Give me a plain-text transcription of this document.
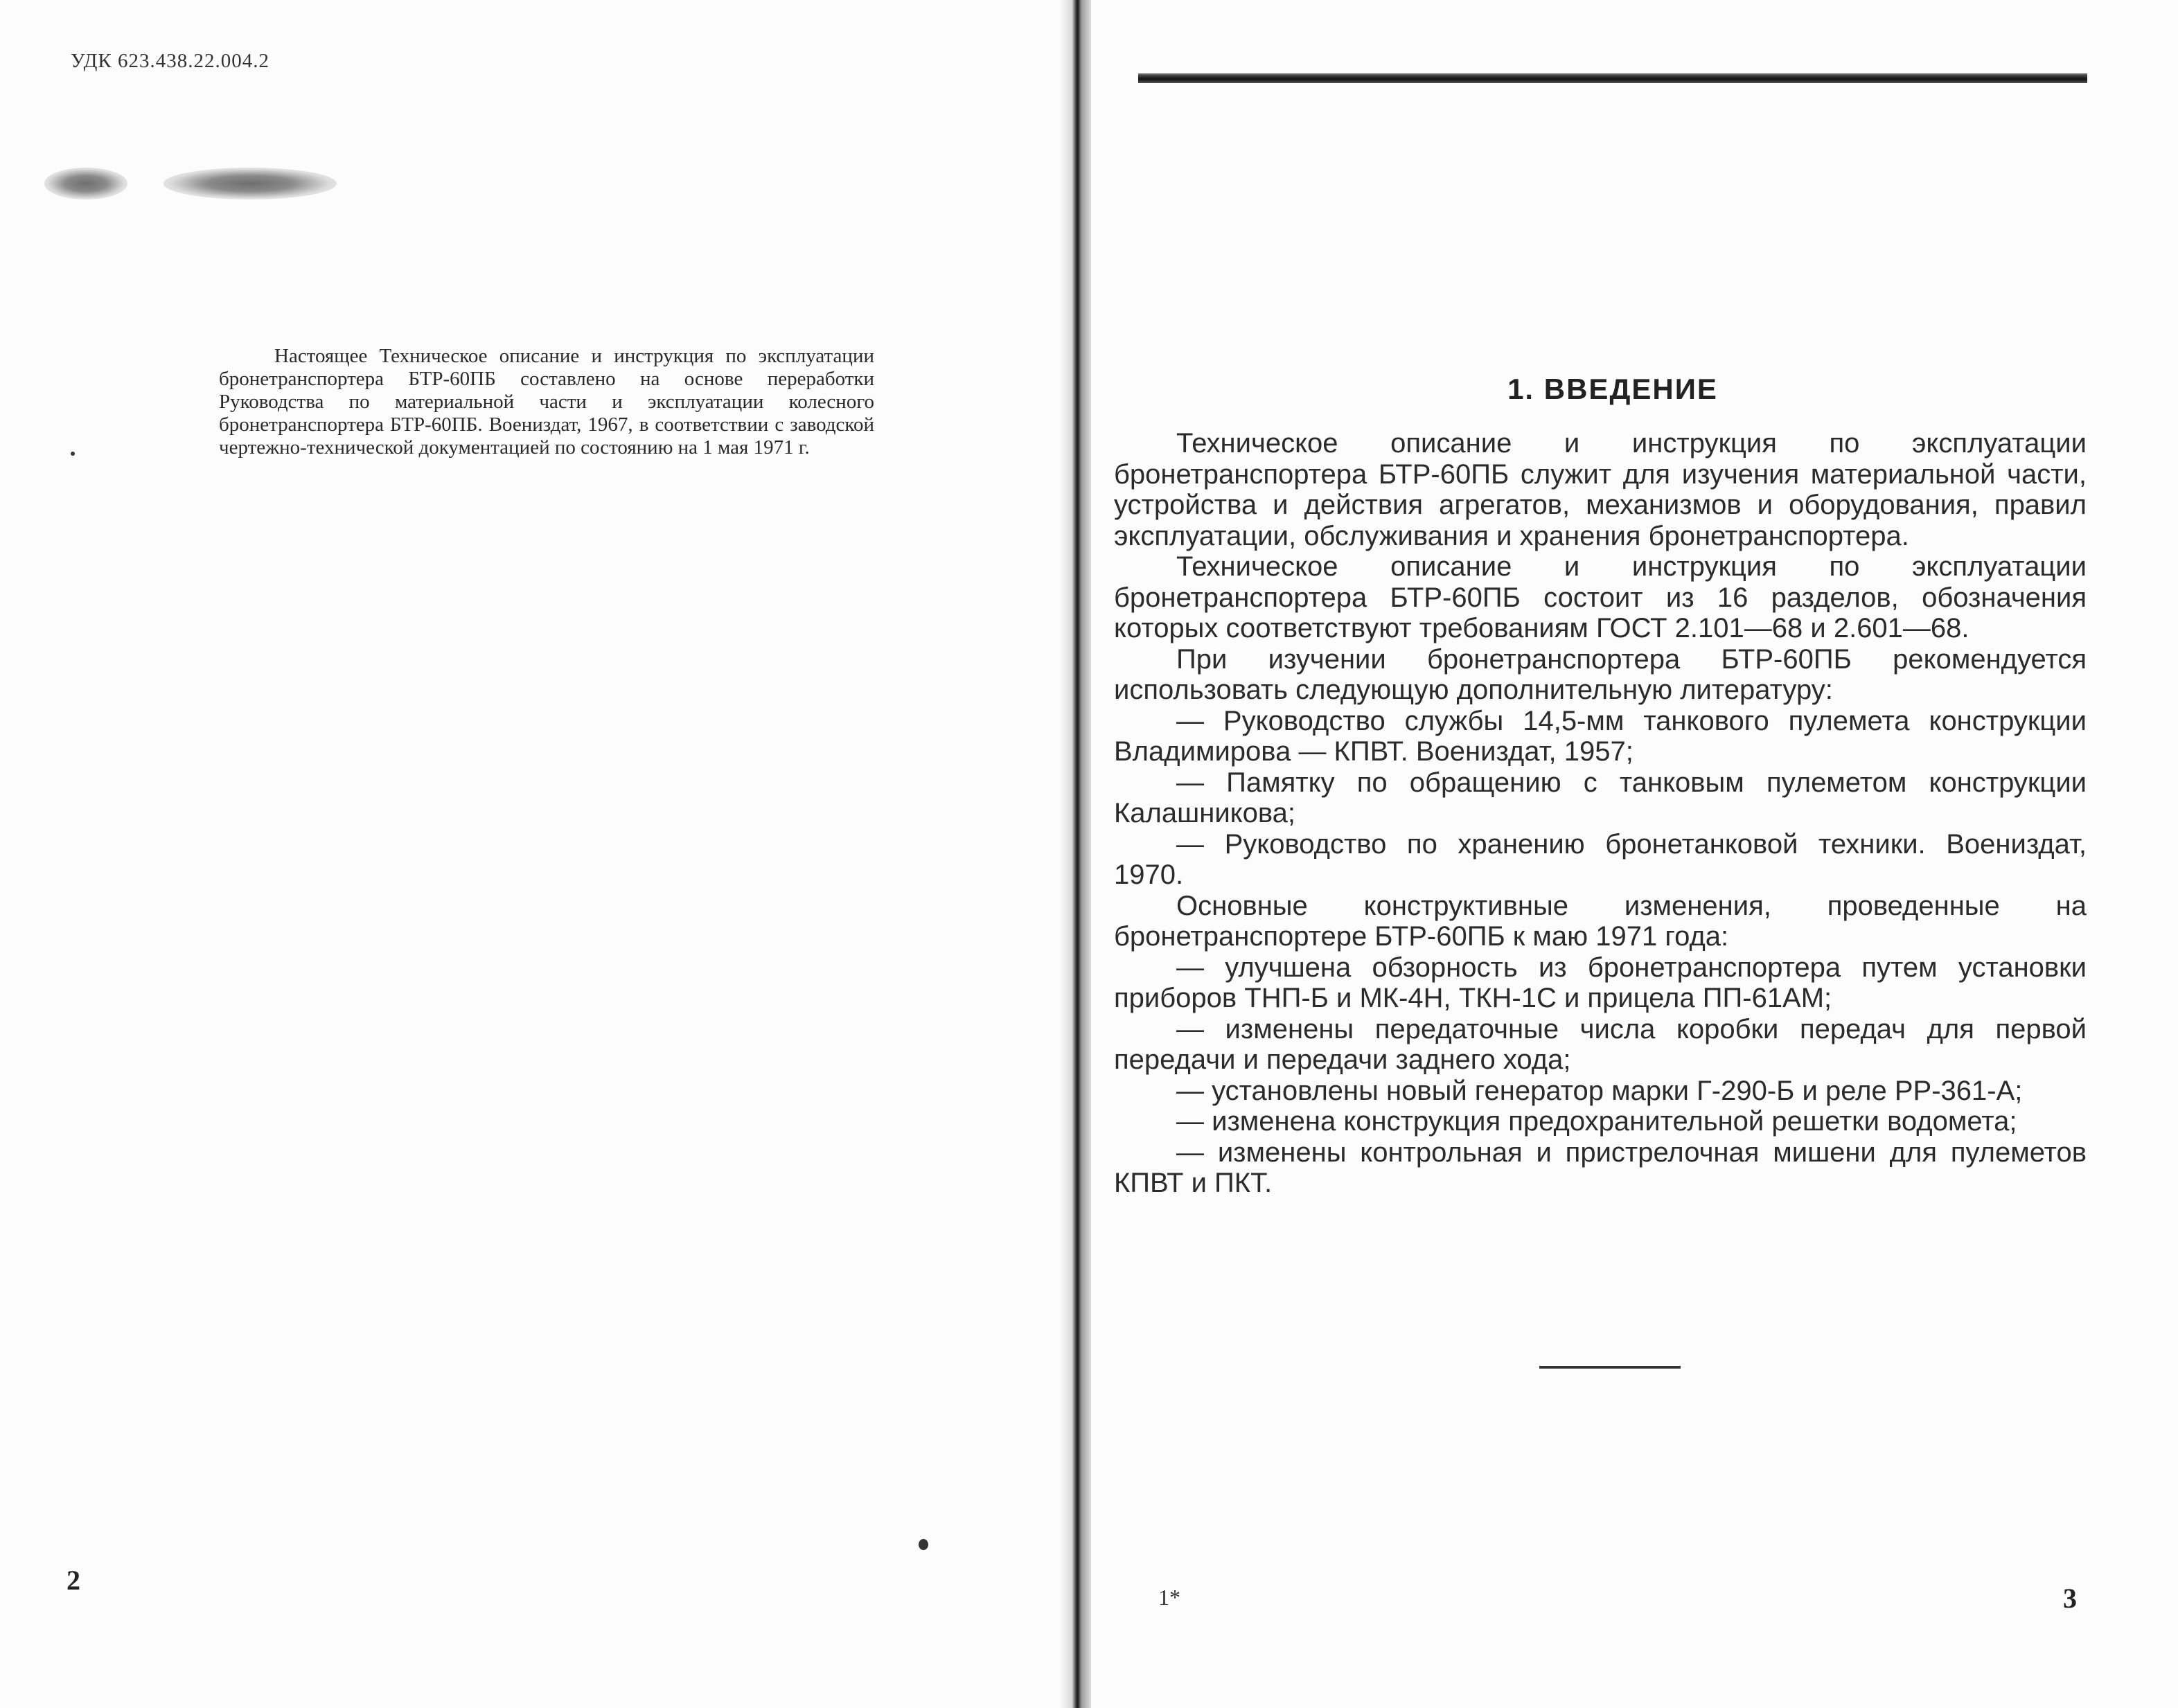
УДК 623.438.22.004.2
Настоящее Техническое описание и инструкция по эксплуатации бронетранспортера БТР-60ПБ составлено на основе переработки Руководства по материальной части и эксплуатации колесного бронетранспортера БТР-60ПБ. Воениздат, 1967, в соответствии с заводской чертежно-технической документацией по состоянию на 1 мая 1971 г.
2
1. ВВЕДЕНИЕ

Техническое описание и инструкция по эксплуатации бронетранспортера БТР-60ПБ служит для изучения материальной части, устройства и действия агрегатов, механизмов и оборудования, правил эксплуатации, обслуживания и хранения бронетранспортера.

Техническое описание и инструкция по эксплуатации бронетранспортера БТР-60ПБ состоит из 16 разделов, обозначения которых соответствуют требованиям ГОСТ 2.101—68 и 2.601—68.

При изучении бронетранспортера БТР-60ПБ рекомендуется использовать следующую дополнительную литературу:

— Руководство службы 14,5-мм танкового пулемета конструкции Владимирова — КПВТ. Воениздат, 1957;

— Памятку по обращению с танковым пулеметом конструкции Калашникова;

— Руководство по хранению бронетанковой техники. Воениздат, 1970.

Основные конструктивные изменения, проведенные на бронетранспортере БТР-60ПБ к маю 1971 года:

— улучшена обзорность из бронетранспортера путем установки приборов ТНП-Б и МК-4Н, ТКН-1С и прицела ПП-61АМ;

— изменены передаточные числа коробки передач для первой передачи и передачи заднего хода;

— установлены новый генератор марки Г-290-Б и реле РР-361-А;

— изменена конструкция предохранительной решетки водомета;

— изменены контрольная и пристрелочная мишени для пулеметов КПВТ и ПКТ.

1*	3
